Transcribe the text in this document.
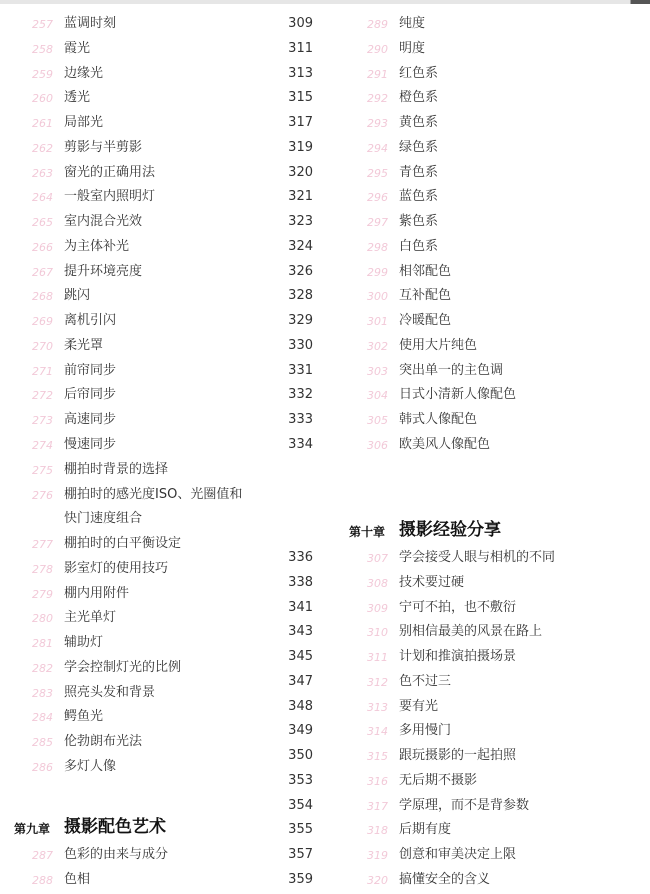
257 蓝调时刻
258 霞光
259 边缘光
260 透光
261 局部光
262 剪影与半剪影
263 窗光的正确用法
264 一般室内照明灯
265 室内混合光效
266 为主体补光
267 提升环境亮度
268 跳闪
269 离机引闪
270 柔光罩
271 前帘同步
272 后帘同步
273 高速同步
274 慢速同步
275 棚拍时背景的选择
276 棚拍时的感光度ISO、光圈值和
快门速度组合
277 棚拍时的白平衡设定
278 影室灯的使用技巧
279 棚内用附件
280 主光单灯
281 辅助灯
282 学会控制灯光的比例
283 照亮头发和背景
284 鳄鱼光
285 伦勃朗布光法
286 多灯人像
第九章 摄影配色艺术
287 色彩的由来与成分
288 色相
289 纯度
309
290 明度
311
291 红色系
313
292 橙色系
315
293 黄色系
317
294 绿色系
319
295 青色系
320
296 蓝色系
321
297 紫色系
323
298 白色系
324
299 相邻配色
326
300 互补配色
328
301 冷暖配色
329
302 使用大片纯色
330
303 突出单一的主色调
331
304 日式小清新人像配色
332
305 韩式人像配色
333
306 欧美风人像配色
334
第十章 摄影经验分享
307 学会接受人眼与相机的不同
336
308 技术要过硬
338
309 宁可不拍，也不敷衍
341
310 别相信最美的风景在路上
343
311 计划和推演拍摄场景
345
312 色不过三
347
313 要有光
348
314 多用慢门
349
315 跟玩摄影的一起拍照
350
316 无后期不摄影
353
317 学原理，而不是背参数
354
318 后期有度
355
319 创意和审美决定上限
357
320 搞懂安全的含义
359
